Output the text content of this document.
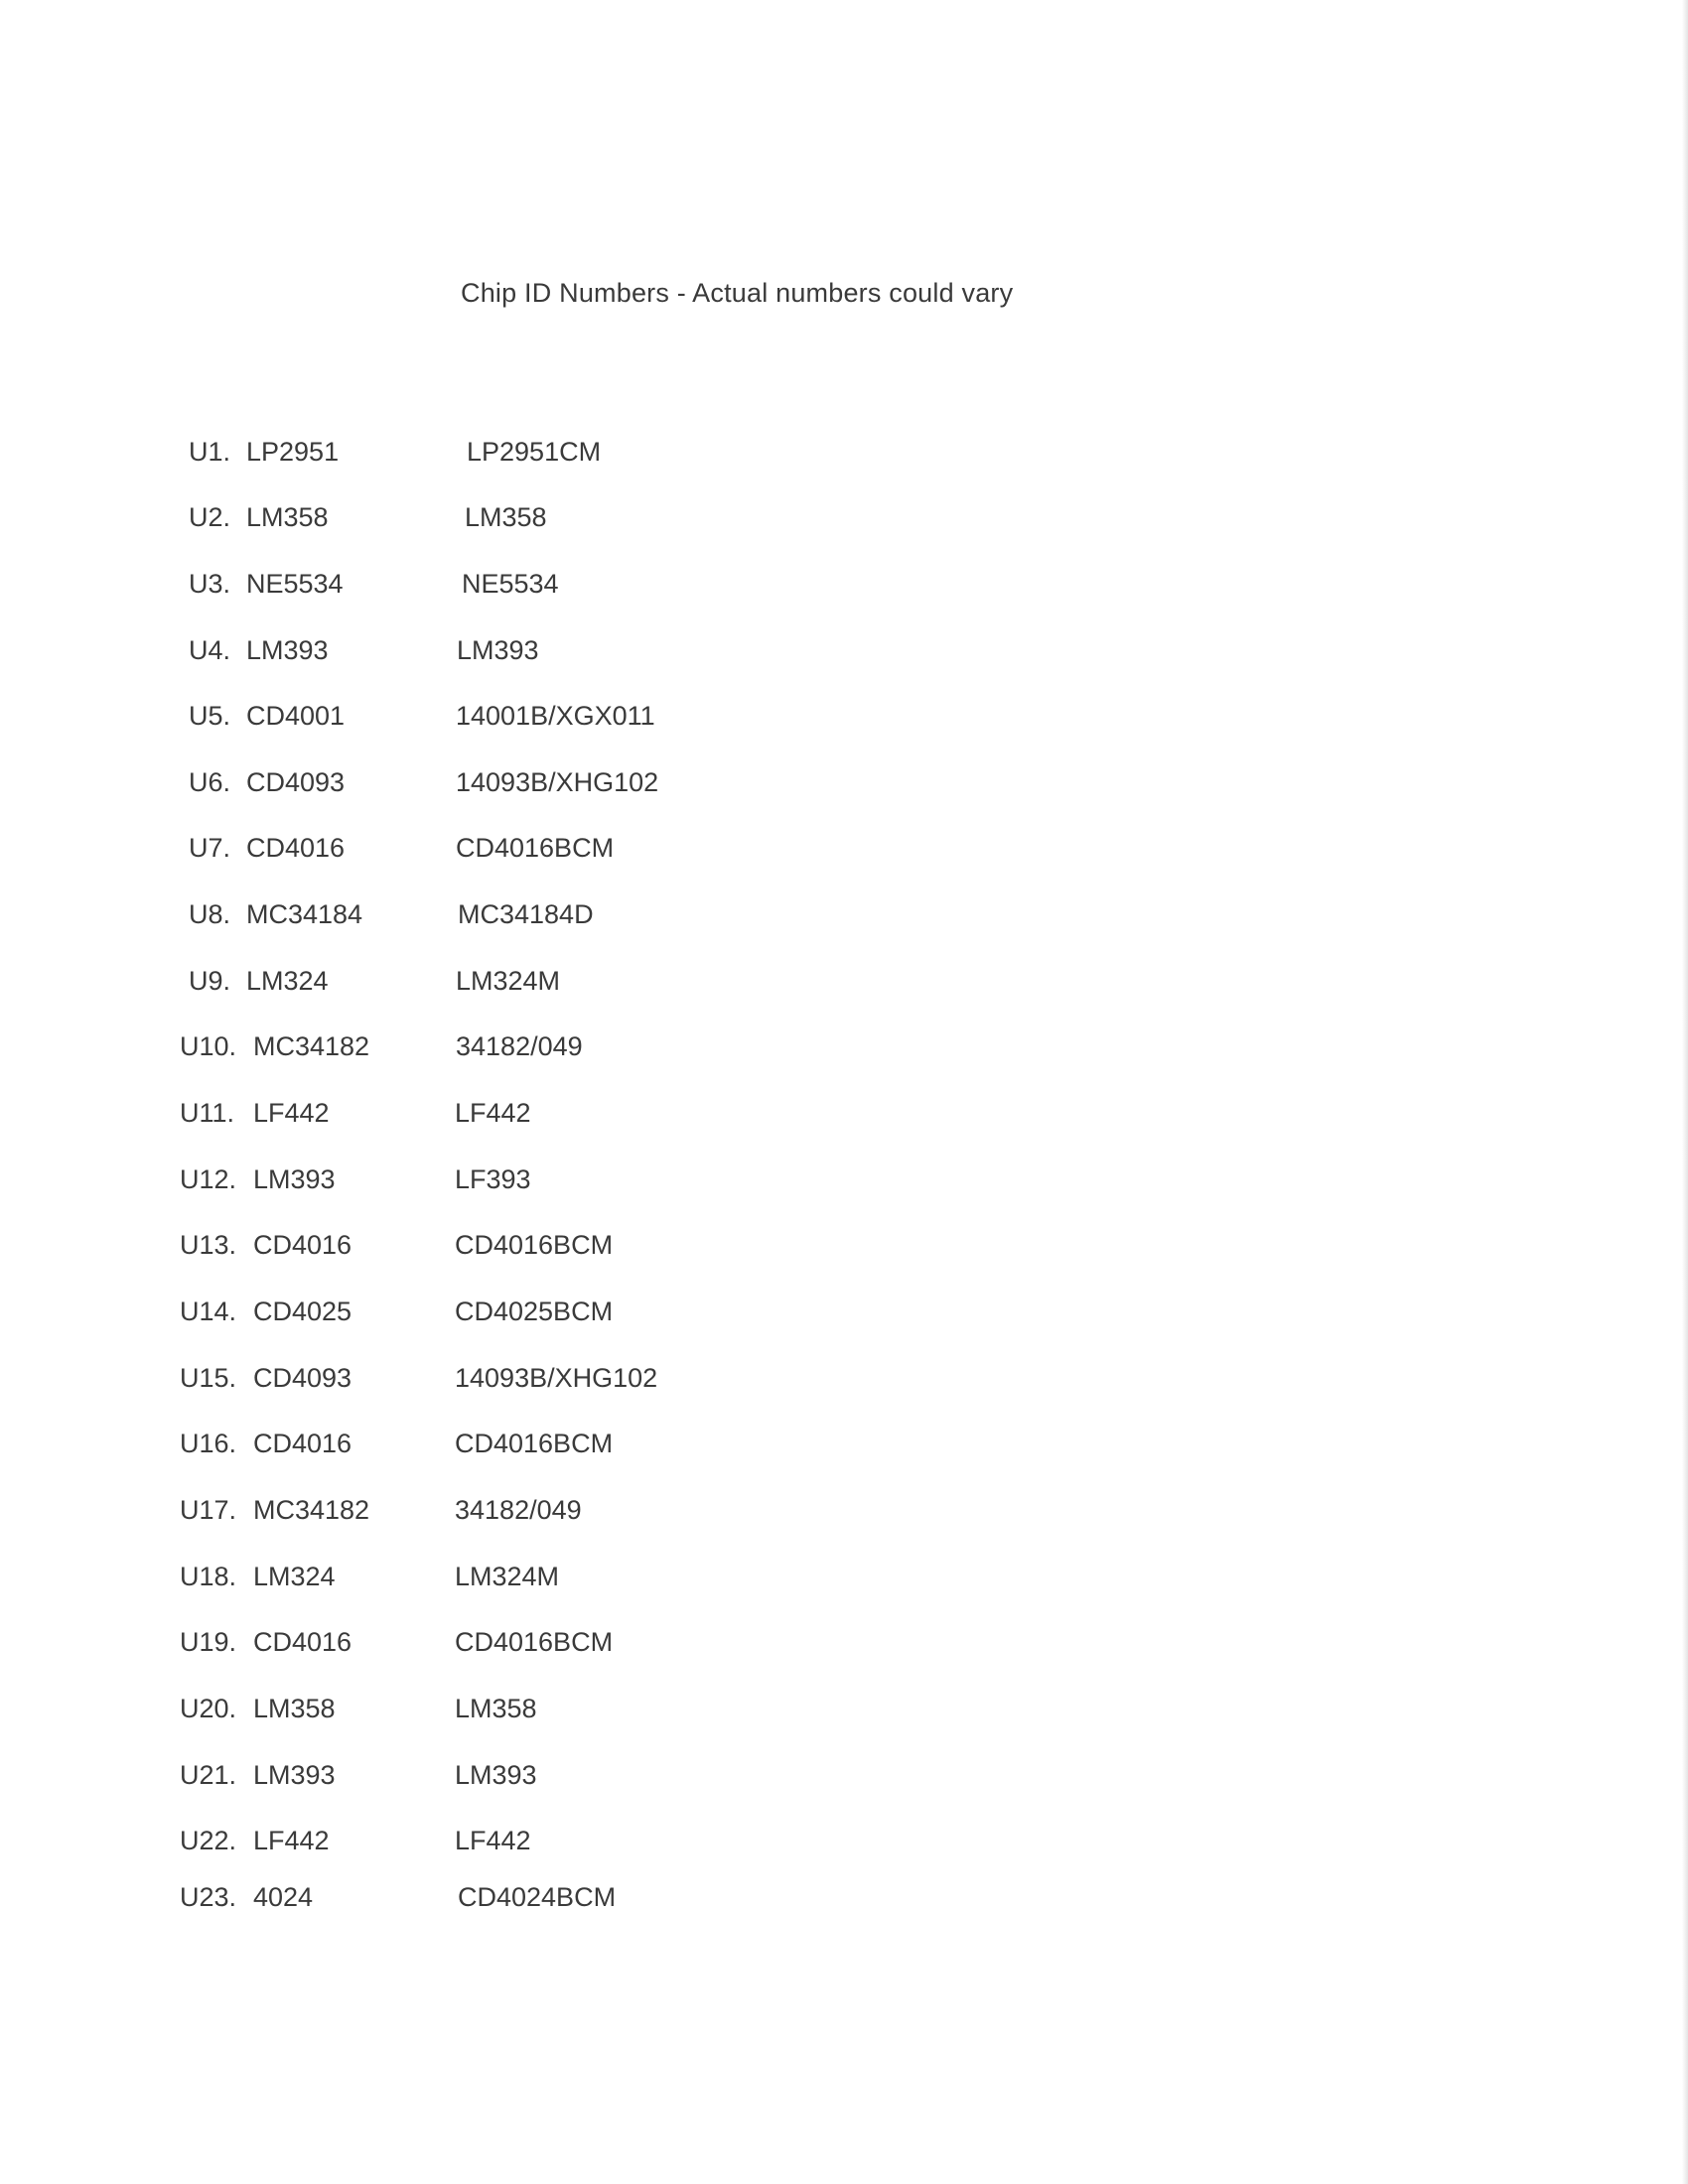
Chip ID Numbers - Actual numbers could vary
U1. LP2951	LP2951CM
U2. LM358	LM358
U3. NE5534	NE5534
U4. LM393	LM393
U5. CD4001	14001B/XGX011
U6. CD4093	14093B/XHG102
U7. CD4016	CD4016BCM
U8. MC34184	MC34184D
U9. LM324	LM324M
U10. MC34182	34182/049
U11. LF442	LF442
U12. LM393	LF393
U13. CD4016	CD4016BCM
U14. CD4025	CD4025BCM
U15. CD4093	14093B/XHG102
U16. CD4016	CD4016BCM
U17. MC34182	34182/049
U18. LM324	LM324M
U19. CD4016	CD4016BCM
U20. LM358	LM358
U21. LM393	LM393
U22. LF442	LF442
U23. 4024	CD4024BCM
